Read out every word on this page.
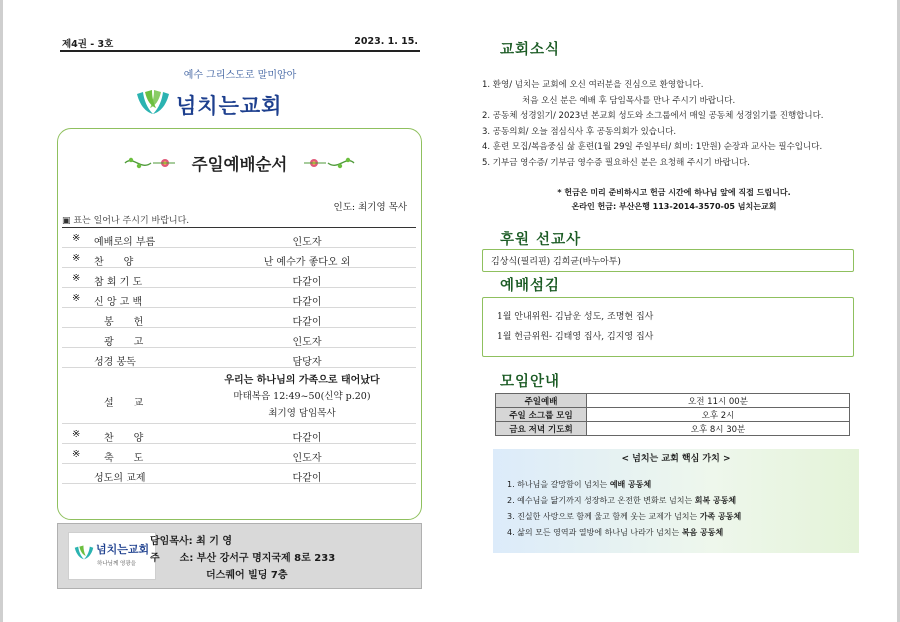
제4권 - 3호	2023. 1. 15.
예수 그리스도로 말미암아
넘치는교회
주일예배순서
인도: 최기영 목사
▣ 표는 일어나 주시기 바랍니다.
※ 예배로의 부름	인도자
※ 찬　　양	난 예수가 좋다오 외
※ 참 회 기 도	다같이
※ 신 앙 고 백	다같이
　봉　　헌	다같이
　광　　고	인도자
성경 봉독	담당자
　설　　교
우리는 하나님의 가족으로 태어났다
마태복음 12:49~50(신약 p.20)
최기영 담임목사
※ 　찬　　양	다같이
※ 　축　　도	인도자
성도의 교제	다같이
넘치는교회
하나님께 영광을
담임목사: 최 기 영
주　　소: 부산 강서구 명지국제 8로 233
더스퀘어 빌딩 7층
교회소식
1. 환영/ 넘치는 교회에 오신 여러분을 진심으로 환영합니다.
처음 오신 분은 예배 후 담임목사를 만나 주시기 바랍니다.
2. 공동체 성경읽기/ 2023년 본교회 성도와 소그룹에서 매일 공동체 성경읽기를 진행합니다.
3. 공동의회/ 오늘 점심식사 후 공동의회가 있습니다.
4. 훈련 모집/복음중심 삶 훈련(1월 29일 주일부터/ 회비: 1만원) 순장과 교사는 필수입니다.
5. 기부금 영수증/ 기부금 영수증 필요하신 분은 요청해 주시기 바랍니다.
* 헌금은 미리 준비하시고 헌금 시간에 하나님 앞에 직접 드립니다.
온라인 헌금: 부산은행 113-2014-3570-05 넘치는교회
후원 선교사
김상식(필리핀) 김희균(바누아투)
예배섬김
1월 안내위원- 김남운 성도, 조명현 집사
1월 헌금위원- 김태영 집사, 김지영 집사
모임안내
주일예배	오전 11시 00분
주일 소그룹 모임	오후 2시
금요 저녁 기도회	오후 8시 30분
< 넘치는 교회 핵심 가치 >
1. 하나님을 갈망함이 넘치는 예배 공동체
2. 예수님을 닮기까지 성장하고 온전한 변화로 넘치는 회복 공동체
3. 진실한 사랑으로 함께 울고 함께 웃는 교제가 넘치는 가족 공동체
4. 삶의 모든 영역과 열방에 하나님 나라가 넘치는 복음 공동체
